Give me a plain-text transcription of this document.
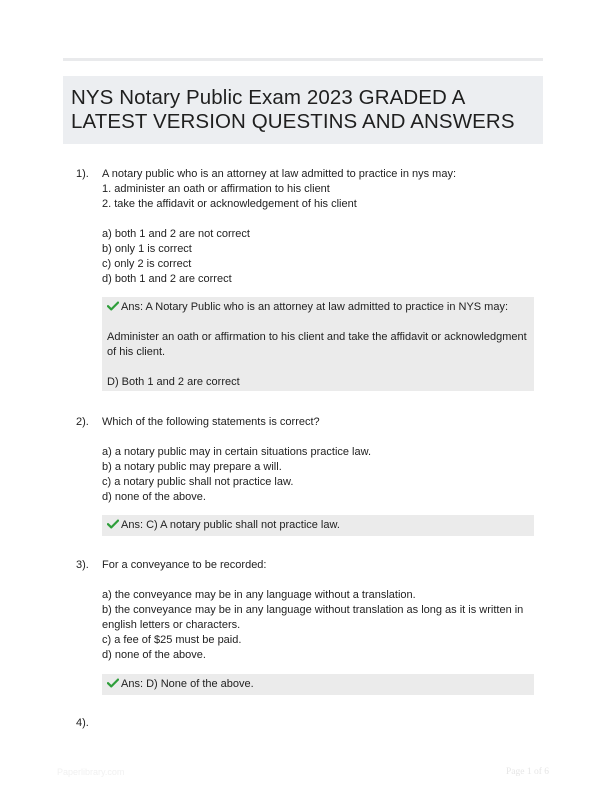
NYS Notary Public Exam 2023 GRADED A LATEST VERSION QUESTINS AND ANSWERS
1). A notary public who is an attorney at law admitted to practice in nys may:
1. administer an oath or affirmation to his client
2. take the affidavit or acknowledgement of his client

a) both 1 and 2 are not correct
b) only 1 is correct
c) only 2 is correct
d) both 1 and 2 are correct

Ans: A Notary Public who is an attorney at law admitted to practice in NYS may:

Administer an oath or affirmation to his client and take the affidavit or acknowledgment of his client.

D) Both 1 and 2 are correct

2). Which of the following statements is correct?

a) a notary public may in certain situations practice law.
b) a notary public may prepare a will.
c) a notary public shall not practice law.
d) none of the above.

Ans: C) A notary public shall not practice law.

3). For a conveyance to be recorded:

a) the conveyance may be in any language without a translation.
b) the conveyance may be in any language without translation as long as it is written in english letters or characters.
c) a fee of $25 must be paid.
d) none of the above.

Ans: D) None of the above.

4).
Paperlibrary.com	Page 1 of 6
